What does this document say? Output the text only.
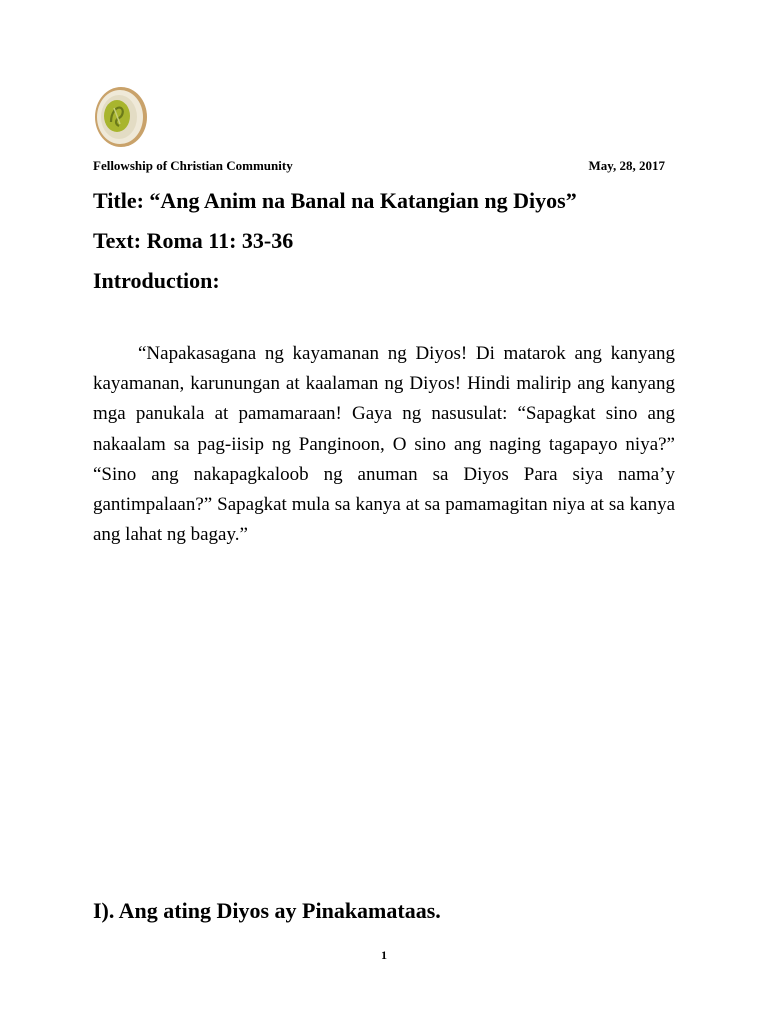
Fellowship of Christian Community	May, 28, 2017
Title: “Ang Anim na Banal na Katangian ng Diyos”
Text: Roma 11: 33-36
Introduction:

“Napakasagana ng kayamanan ng Diyos! Di matarok ang kanyang kayamanan, karunungan at kaalaman ng Diyos! Hindi malirip ang kanyang mga panukala at pamamaraan! Gaya ng nasusulat: “Sapagkat sino ang nakaalam sa pag-iisip ng Panginoon, O sino ang naging tagapayo niya?” “Sino ang nakapagkaloob ng anuman sa Diyos Para siya nama’y gantimpalaan?” Sapagkat mula sa kanya at sa pamamagitan niya at sa kanya ang lahat ng bagay.”

I). Ang ating Diyos ay Pinakamataas.
1
